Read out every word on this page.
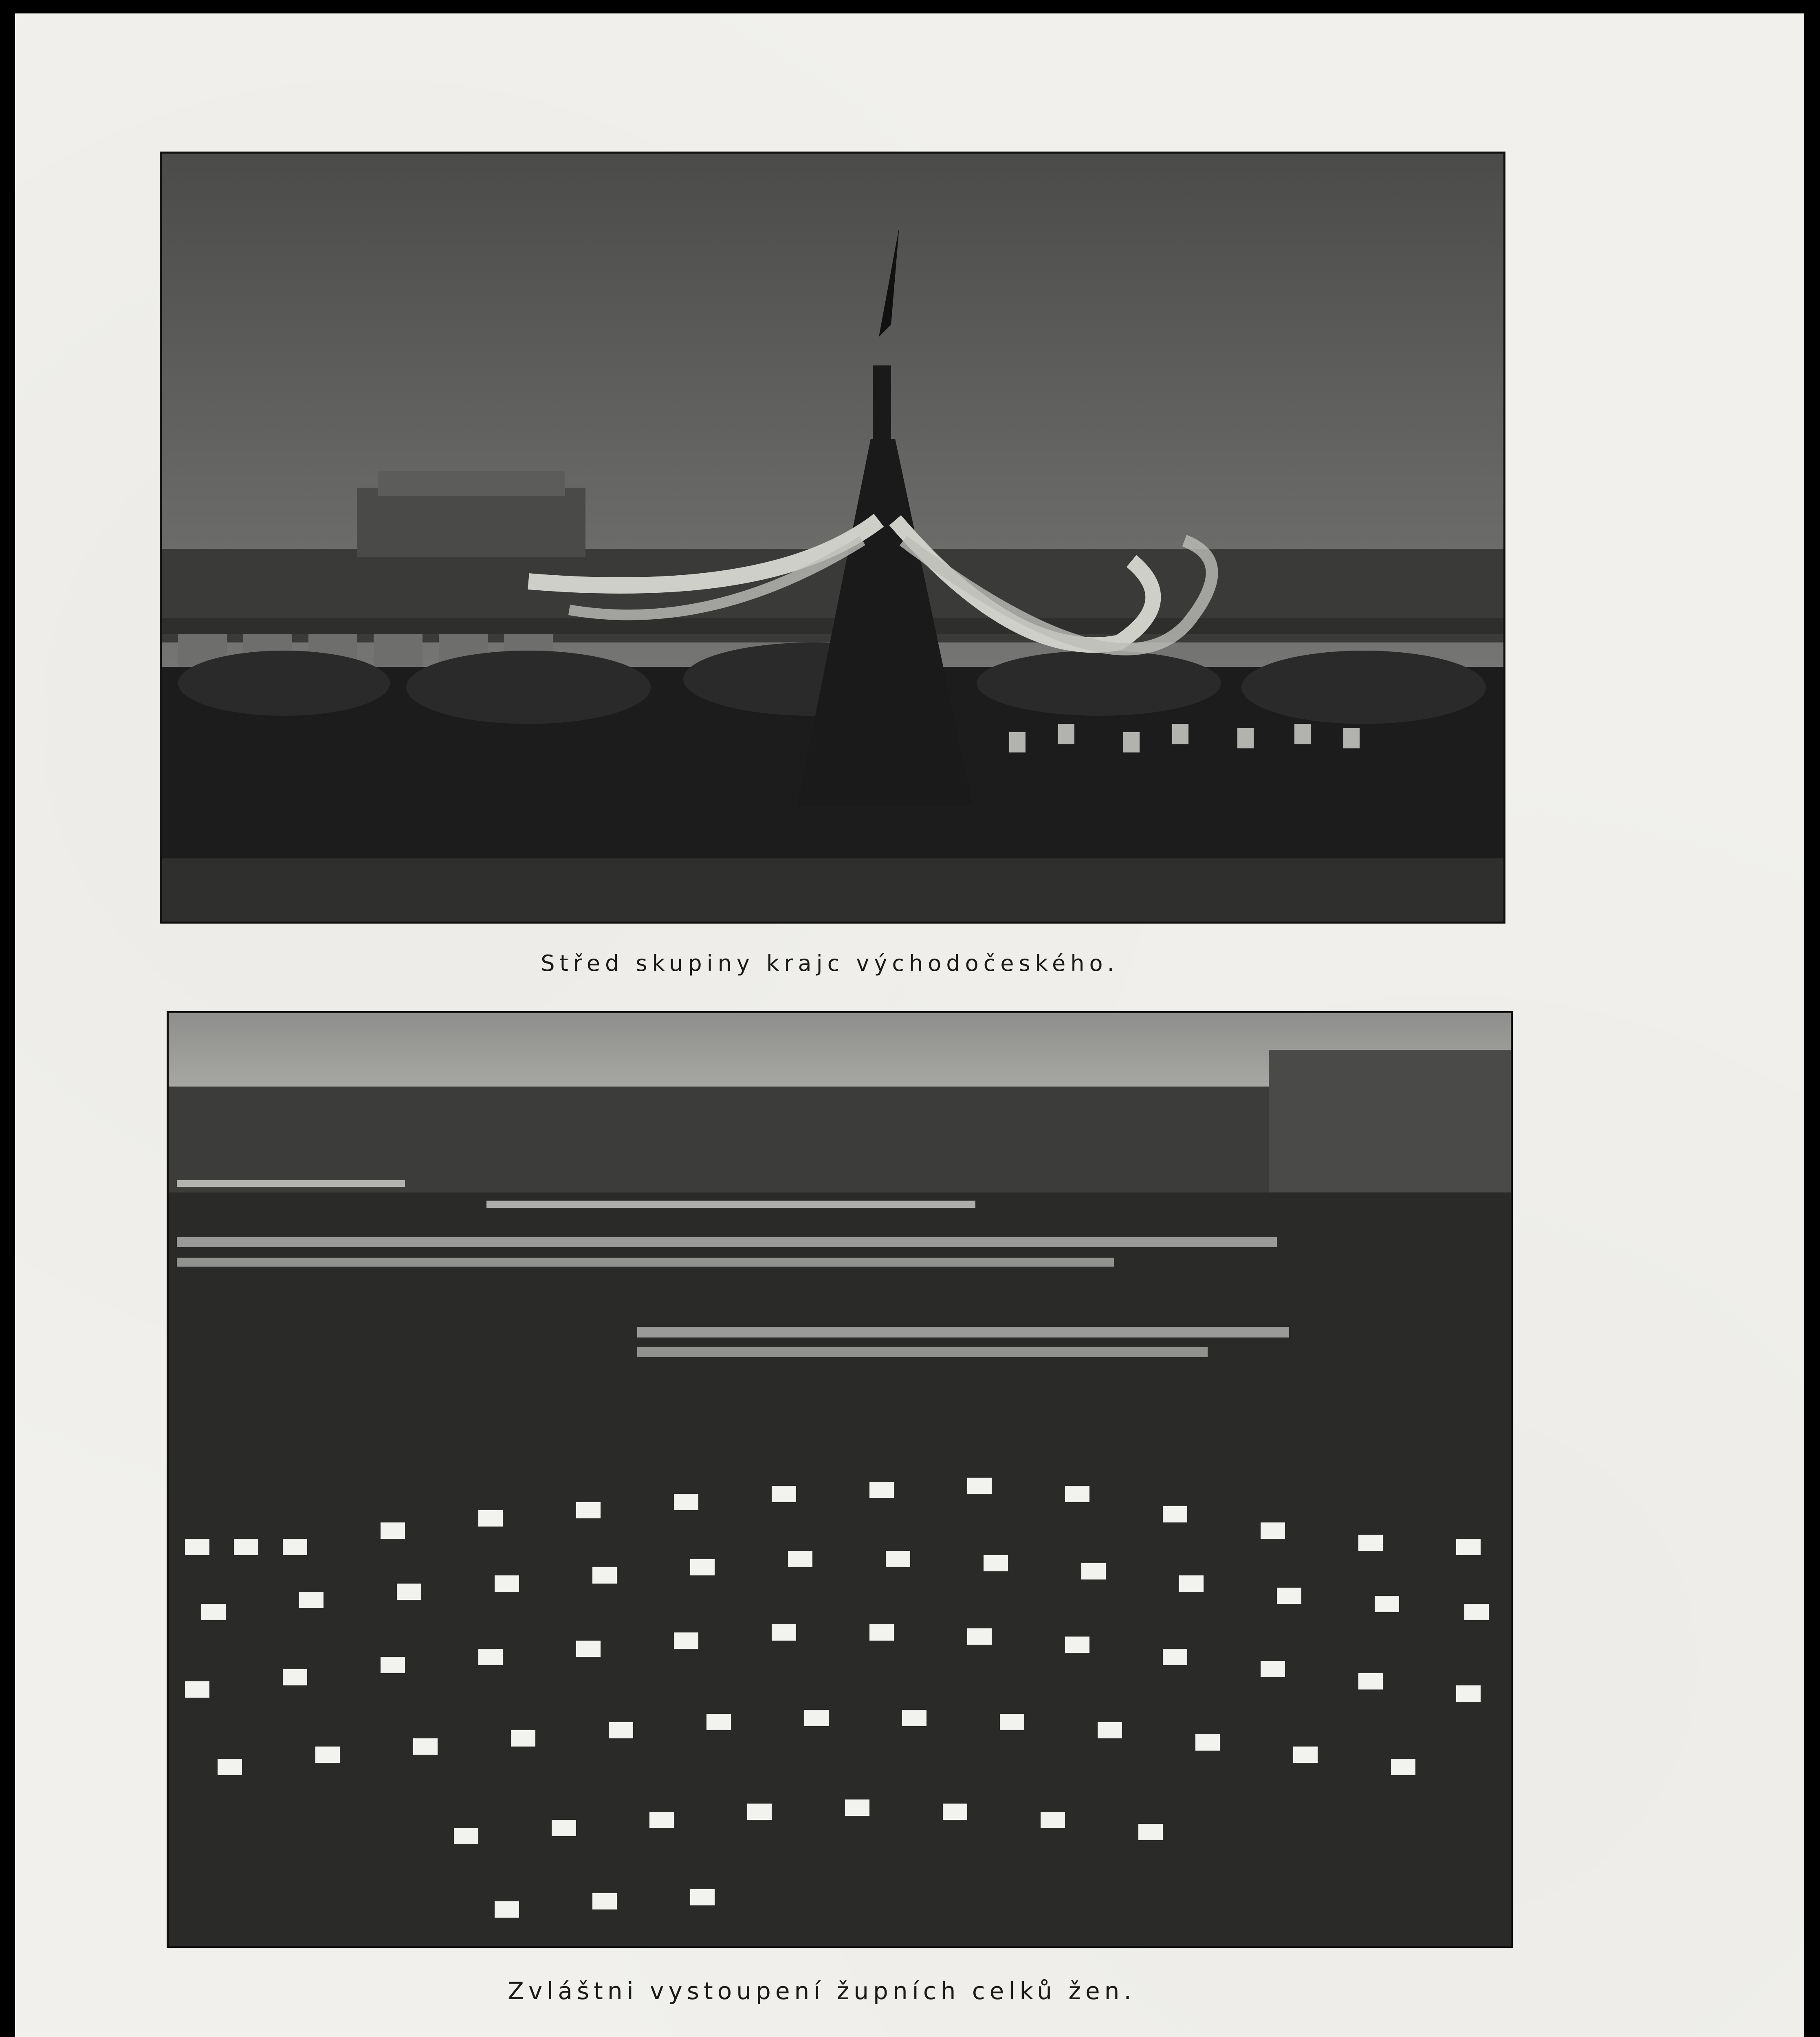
Střed skupiny krajc východočeského.
Zvláštni vystoupení župních celků žen.
